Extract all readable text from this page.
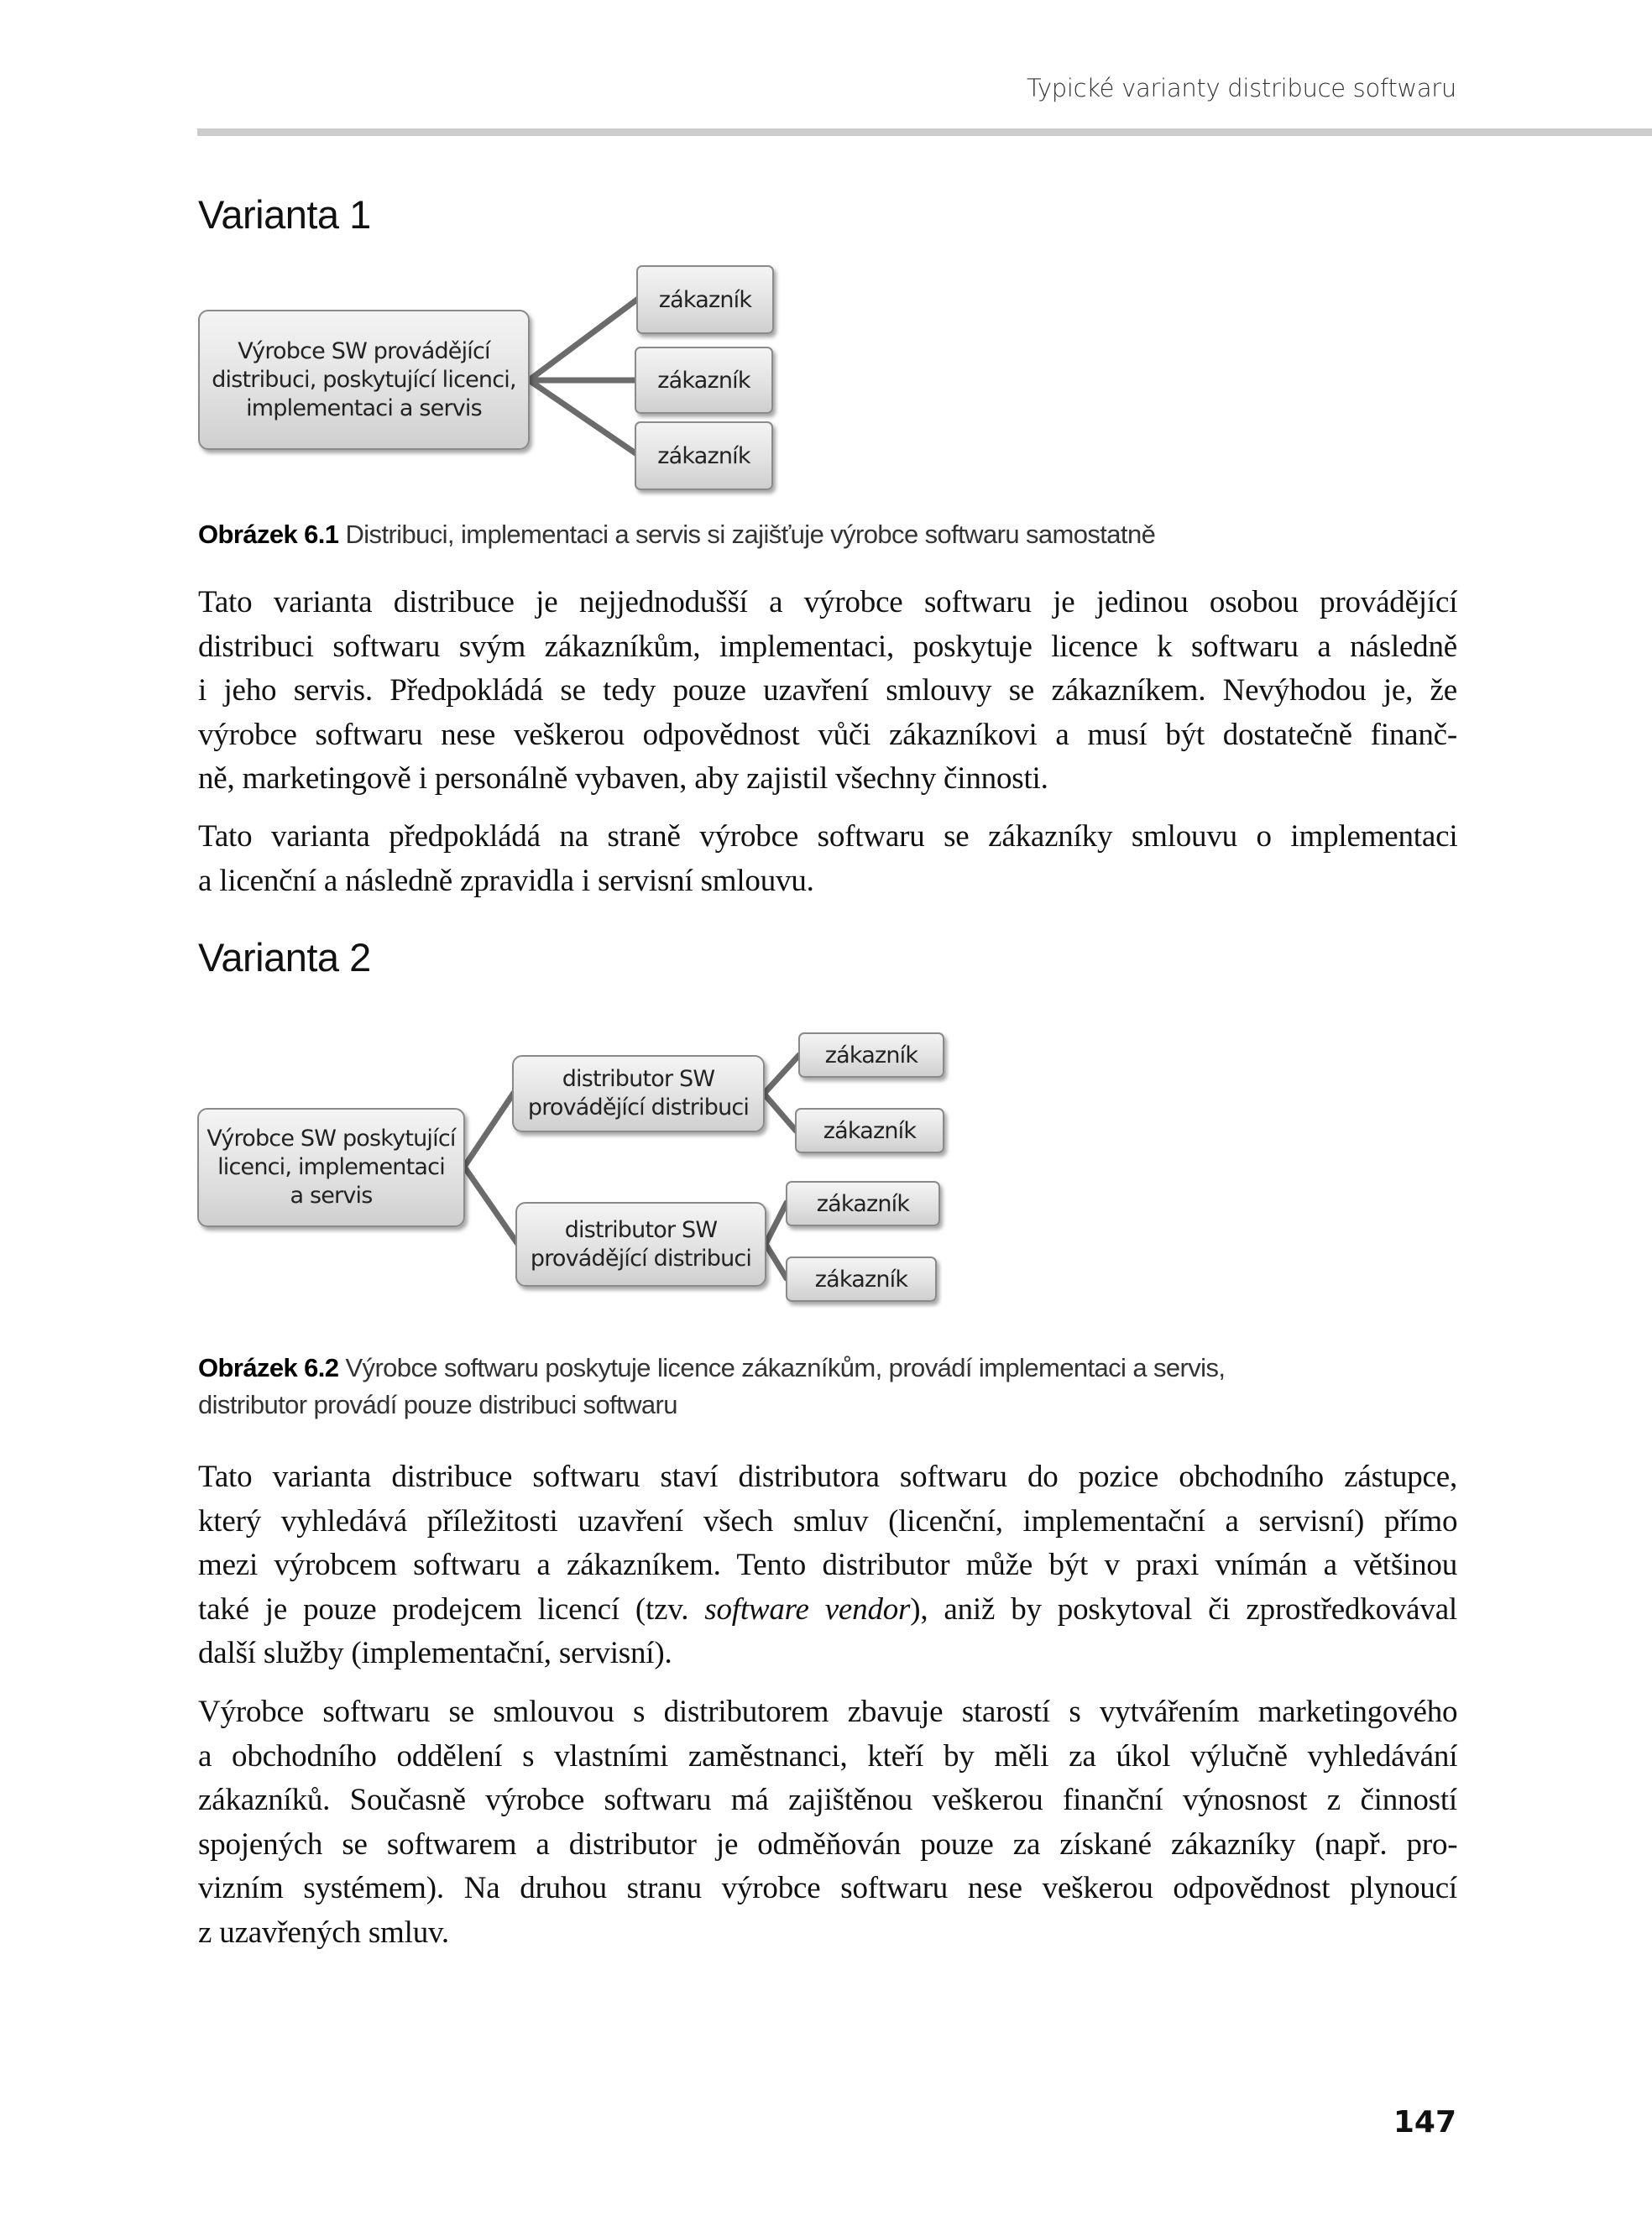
Typické varianty distribuce softwaru
Varianta 1
Výrobce SW provádějící
distribuci, poskytující licenci,
implementaci a servis
zákazník
zákazník
zákazník
Obrázek 6.1 Distribuci, implementaci a servis si zajišťuje výrobce softwaru samostatně
Tato varianta distribuce je nejjednodušší a výrobce softwaru je jedinou osobou provádějící
distribuci softwaru svým zákazníkům, implementaci, poskytuje licence k softwaru a následně
i jeho servis. Předpokládá se tedy pouze uzavření smlouvy se zákazníkem. Nevýhodou je, že
výrobce softwaru nese veškerou odpovědnost vůči zákazníkovi a musí být dostatečně finanč-
ně, marketingově i personálně vybaven, aby zajistil všechny činnosti.
Tato varianta předpokládá na straně výrobce softwaru se zákazníky smlouvu o implementaci
a licenční a následně zpravidla i servisní smlouvu.
Varianta 2
Výrobce SW poskytující
licenci, implementaci
a servis
distributor SW
provádějící distribuci
distributor SW
provádějící distribuci
zákazník
zákazník
zákazník
zákazník
Obrázek 6.2 Výrobce softwaru poskytuje licence zákazníkům, provádí implementaci a servis,
distributor provádí pouze distribuci softwaru
Tato varianta distribuce softwaru staví distributora softwaru do pozice obchodního zástupce,
který vyhledává příležitosti uzavření všech smluv (licenční, implementační a servisní) přímo
mezi výrobcem softwaru a zákazníkem. Tento distributor může být v praxi vnímán a většinou
také je pouze prodejcem licencí (tzv. software vendor), aniž by poskytoval či zprostředkovával
další služby (implementační, servisní).
Výrobce softwaru se smlouvou s distributorem zbavuje starostí s vytvářením marketingového
a obchodního oddělení s vlastními zaměstnanci, kteří by měli za úkol výlučně vyhledávání
zákazníků. Současně výrobce softwaru má zajištěnou veškerou finanční výnosnost z činností
spojených se softwarem a distributor je odměňován pouze za získané zákazníky (např. pro-
vizním systémem). Na druhou stranu výrobce softwaru nese veškerou odpovědnost plynoucí
z uzavřených smluv.
147
